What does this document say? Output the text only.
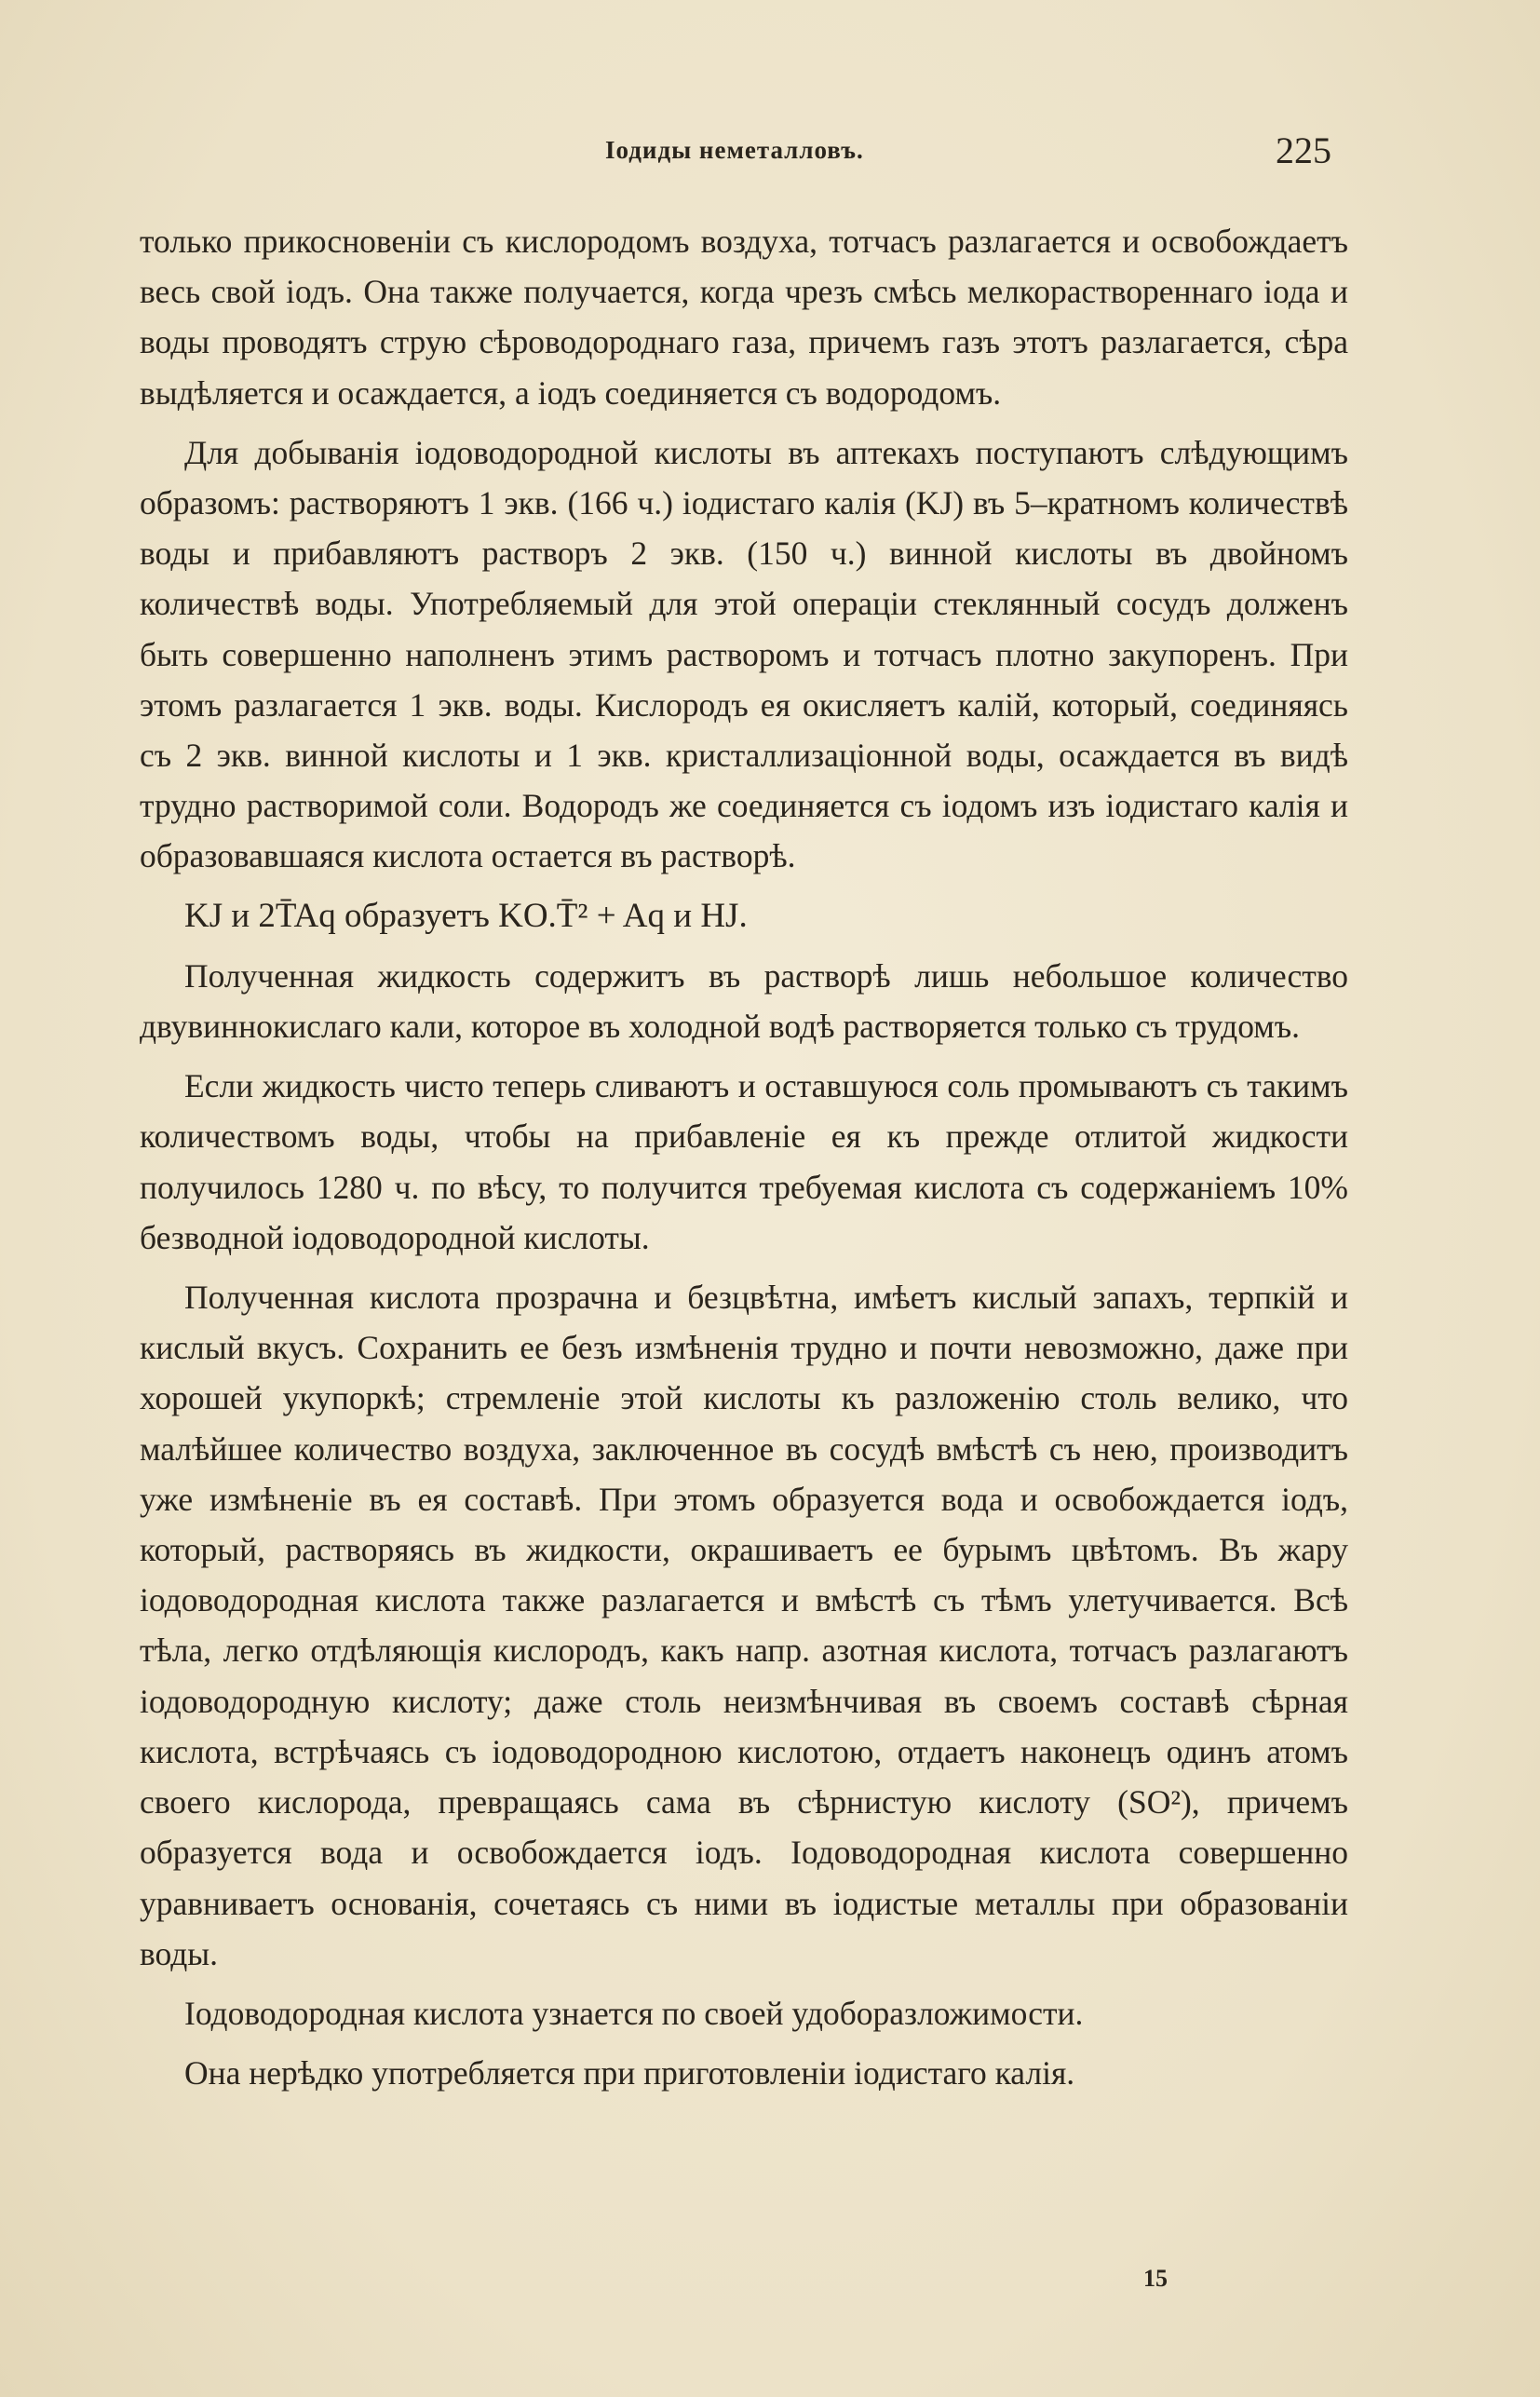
Іодиды неметалловъ.	225

только прикосновеніи съ кислородомъ воздуха, тотчасъ разлагается и освобождаетъ весь свой іодъ. Она также получается, когда чрезъ смѣсь мелкораствореннаго іода и воды проводятъ струю сѣроводороднаго газа, причемъ газъ этотъ разлагается, сѣра выдѣляется и осаждается, а іодъ соединяется съ водородомъ.

Для добыванія іодоводородной кислоты въ аптекахъ поступаютъ слѣдующимъ образомъ: растворяютъ 1 экв. (166 ч.) іодистаго калія (KJ) въ 5–кратномъ количествѣ воды и прибавляютъ растворъ 2 экв. (150 ч.) винной кислоты въ двойномъ количествѣ воды. Употребляемый для этой операціи стеклянный сосудъ долженъ быть совершенно наполненъ этимъ растворомъ и тотчасъ плотно закупоренъ. При этомъ разлагается 1 экв. воды. Кислородъ ея окисляетъ калій, который, соединяясь съ 2 экв. винной кислоты и 1 экв. кристаллизаціонной воды, осаждается въ видѣ трудно растворимой соли. Водородъ же соединяется съ іодомъ изъ іодистаго калія и образовавшаяся кислота остается въ растворѣ.

KJ и 2T̄Aq образуетъ KO.T̄² + Aq и HJ.

Полученная жидкость содержитъ въ растворѣ лишь небольшое количество двувиннокислаго кали, которое въ холодной водѣ растворяется только съ трудомъ.

Если жидкость чисто теперь сливаютъ и оставшуюся соль промываютъ съ такимъ количествомъ воды, чтобы на прибавленіе ея къ прежде отлитой жидкости получилось 1280 ч. по вѣсу, то получится требуемая кислота съ содержаніемъ 10% безводной іодоводородной кислоты.

Полученная кислота прозрачна и безцвѣтна, имѣетъ кислый запахъ, терпкій и кислый вкусъ. Сохранить ее безъ измѣненія трудно и почти невозможно, даже при хорошей укупоркѣ; стремленіе этой кислоты къ разложенію столь велико, что малѣйшее количество воздуха, заключенное въ сосудѣ вмѣстѣ съ нею, производитъ уже измѣненіе въ ея составѣ. При этомъ образуется вода и освобождается іодъ, который, растворяясь въ жидкости, окрашиваетъ ее бурымъ цвѣтомъ. Въ жару іодоводородная кислота также разлагается и вмѣстѣ съ тѣмъ улетучивается. Всѣ тѣла, легко отдѣляющія кислородъ, какъ напр. азотная кислота, тотчасъ разлагаютъ іодоводородную кислоту; даже столь неизмѣнчивая въ своемъ составѣ сѣрная кислота, встрѣчаясь съ іодоводородною кислотою, отдаетъ наконецъ одинъ атомъ своего кислорода, превращаясь сама въ сѣрнистую кислоту (SO²), причемъ образуется вода и освобождается іодъ. Іодоводородная кислота совершенно уравниваетъ основанія, сочетаясь съ ними въ іодистые металлы при образованіи воды.

Іодоводородная кислота узнается по своей удоборазложимости.

Она нерѣдко употребляется при приготовленіи іодистаго калія.

15
